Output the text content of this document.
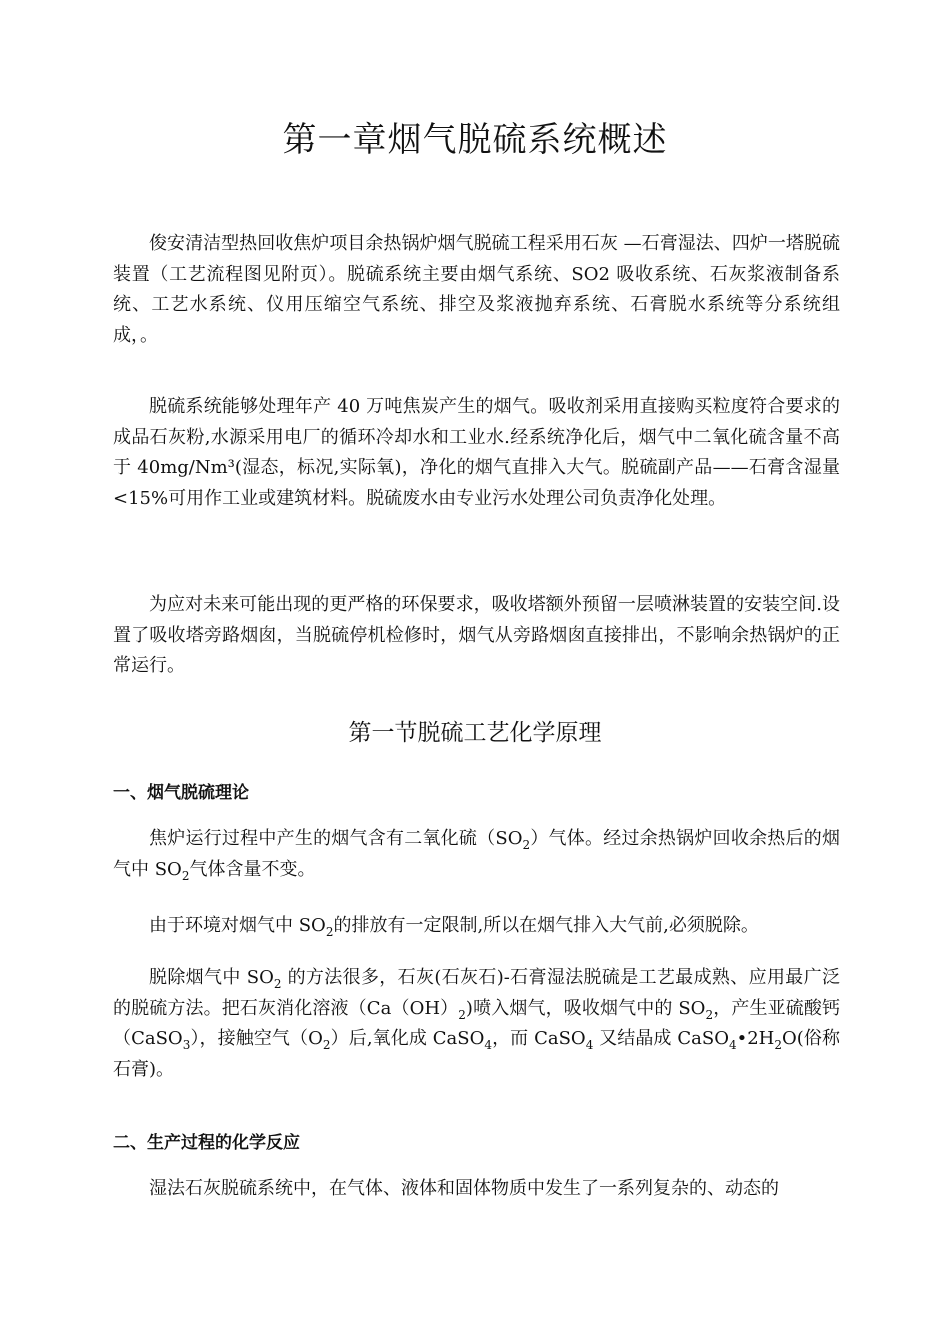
第一章烟气脱硫系统概述

俊安清洁型热回收焦炉项目余热锅炉烟气脱硫工程采用石灰 —石膏湿法、四炉一塔脱硫装置（工艺流程图见附页）。脱硫系统主要由烟气系统、SO2 吸收系统、石灰浆液制备系统、工艺水系统、仪用压缩空气系统、排空及浆液抛弃系统、石膏脱水系统等分系统组成，。

脱硫系统能够处理年产 40 万吨焦炭产生的烟气。吸收剂采用直接购买粒度符合要求的成品石灰粉,水源采用电厂的循环冷却水和工业水.经系统净化后，烟气中二氧化硫含量不高于 40mg/Nm³(湿态，标况,实际氧)，净化的烟气直排入大气。脱硫副产品——石膏含湿量<15%可用作工业或建筑材料。脱硫废水由专业污水处理公司负责净化处理。

为应对未来可能出现的更严格的环保要求，吸收塔额外预留一层喷淋装置的安装空间.设置了吸收塔旁路烟囱，当脱硫停机检修时，烟气从旁路烟囱直接排出，不影响余热锅炉的正常运行。

第一节脱硫工艺化学原理
一、烟气脱硫理论

焦炉运行过程中产生的烟气含有二氧化硫$(SO_2)$气体。经过余热锅炉回收余热后的烟气中 $SO_2$气体含量不变。

由于环境对烟气中 $SO_2$的排放有一定限制,所以在烟气排入大气前,必须脱除。

脱除烟气中 $SO_2$ 的方法很多，石灰(石灰石)-石膏湿法脱硫是工艺最成熟、应用最广泛的脱硫方法。把石灰消化溶液$(Ca(OH)_2)$喷入烟气，吸收烟气中的 $SO_2$，产生亚硫酸钙（CaSO$_3$），接触空气$(O_2)$后,氧化成 CaSO$_4$，而 CaSO$_4$ 又结晶成 $CaSO_4•2H_2O$(俗称石膏)。

二、生产过程的化学反应

湿法石灰脱硫系统中，在气体、液体和固体物质中发生了一系列复杂的、动态的
